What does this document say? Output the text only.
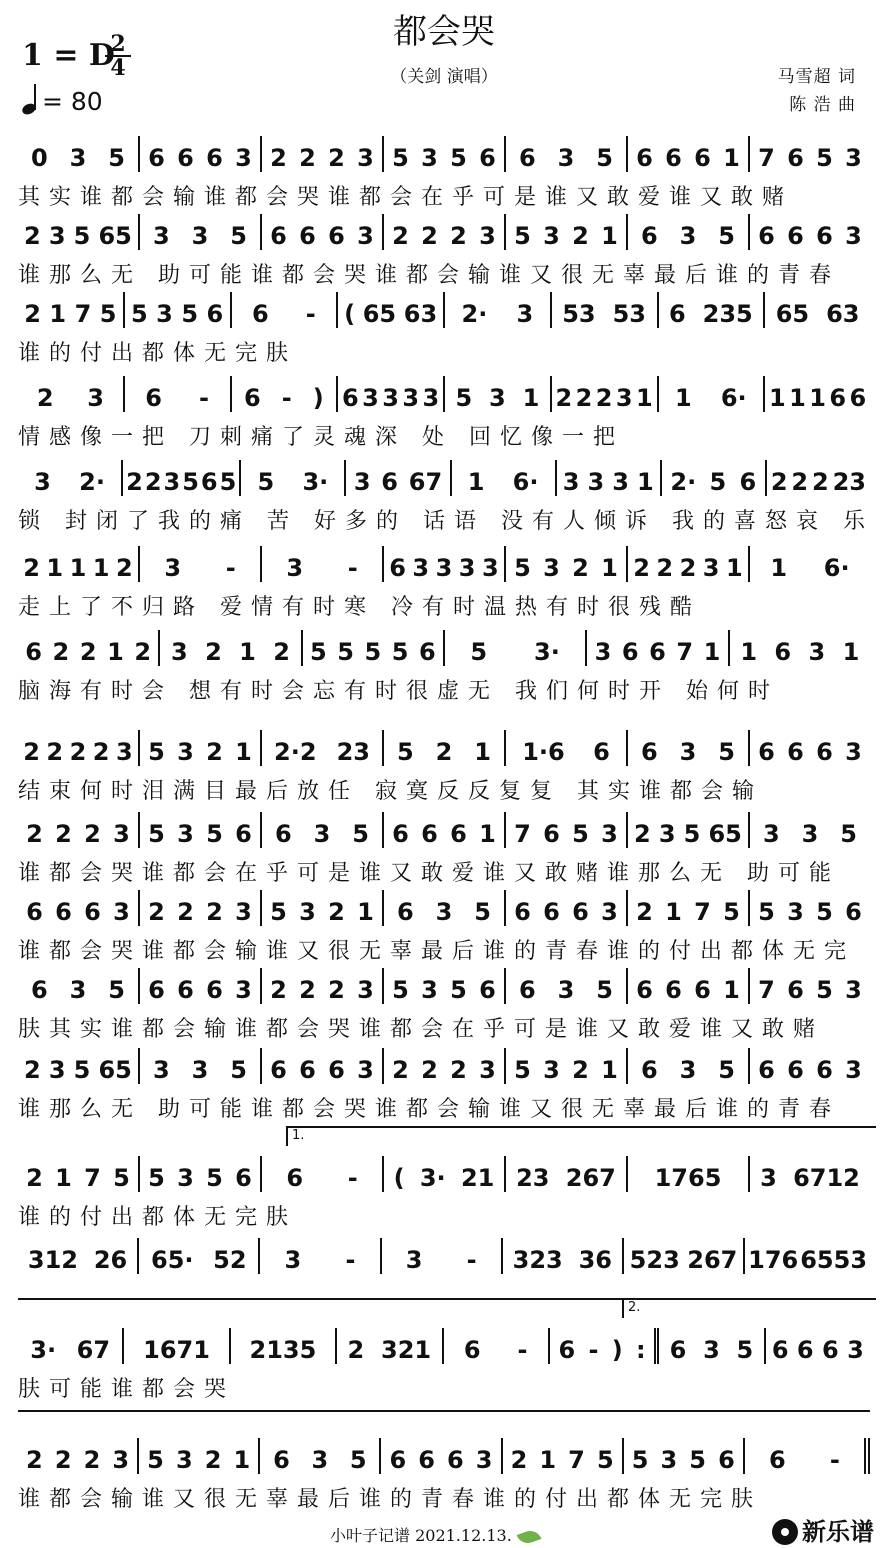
都会哭
（关剑 演唱）
1 = D
$\frac{2}{4}$
= 80
马雪超 词
陈 浩 曲
0 3 5 6 6 6 3 2 2 2 3 5 3 5 6 6 3 5 6 6 6 1 7 6 5 3
其实谁都会输谁都会哭谁都会在乎可是谁又敢爱谁又敢赌
2 3 5 65 3 3 5 6 6 6 3 2 2 2 3 5 3 2 1 6 3 5 6 6 6 3
谁那么无 助可能谁都会哭谁都会输谁又很无辜最后谁的青春
2 1 7 5 5 3 5 6 6 - ( 65 63 2· 3 53 53 6 235 65 63
谁的付出都体无完肤
2 3 6 - 6 - ) 6 3 3 3 3 5 3 1 2 2 2 3 1 1 6· 1 1 1 6 6
情感像一把 刀刺痛了灵魂深 处 回忆像一把
3 2· 2 2 3 5 6 5 5 3· 3 6 67 1 6· 3 3 3 1 2· 5 6 2 2 2 23
锁 封闭了我的痛 苦 好多的 话语 没有人倾诉 我的喜怒哀 乐
2 1 1 1 2 3 - 3 - 6 3 3 3 3 5 3 2 1 2 2 2 3 1 1 6·
走上了不归路 爱情有时寒 冷有时温热有时很残酷
6 2 2 1 2 3 2 1 2 5 5 5 5 6 5 3· 3 6 6 7 1 1 6 3 1
脑海有时会 想有时会忘有时很虚无 我们何时开 始何时
2 2 2 2 3 5 3 2 1 2·2 23 5 2 1 1·6 6 6 3 5 6 6 6 3
结束何时泪满目最后放任 寂寞反反复复 其实谁都会输
2 2 2 3 5 3 5 6 6 3 5 6 6 6 1 7 6 5 3 2 3 5 65 3 3 5
谁都会哭谁都会在乎可是谁又敢爱谁又敢赌谁那么无 助可能
6 6 6 3 2 2 2 3 5 3 2 1 6 3 5 6 6 6 3 2 1 7 5 5 3 5 6
谁都会哭谁都会输谁又很无辜最后谁的青春谁的付出都体无完
6 3 5 6 6 6 3 2 2 2 3 5 3 5 6 6 3 5 6 6 6 1 7 6 5 3
肤其实谁都会输谁都会哭谁都会在乎可是谁又敢爱谁又敢赌
2 3 5 65 3 3 5 6 6 6 3 2 2 2 3 5 3 2 1 6 3 5 6 6 6 3
谁那么无 助可能谁都会哭谁都会输谁又很无辜最后谁的青春
2 1 7 5 5 3 5 6 6 - ( 3· 21 23 267 1765 3 6712
谁的付出都体无完肤
1.
312 26 65· 52 3 - 3 - 323 36 523 267 176 6553
3· 67 1671 2135 2 321 6 - 6 - ) : 6 3 5 6 6 6 3
肤可能谁都会哭
2.
2 2 2 3 5 3 2 1 6 3 5 6 6 6 3 2 1 7 5 5 3 5 6 6 -
谁都会输谁又很无辜最后谁的青春谁的付出都体无完肤
小叶子记谱 2021.12.13.	新乐谱
